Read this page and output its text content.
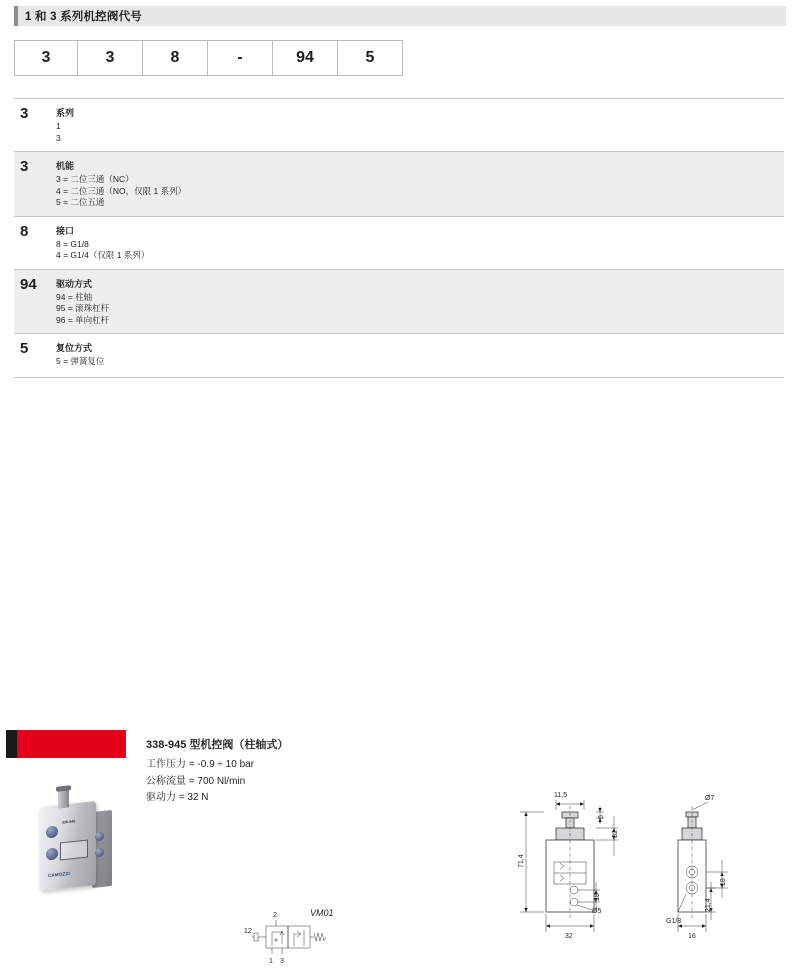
1 和 3 系列机控阀代号
3	3	8	-	94	5
3	系列
1
3
3	机能
3 = 二位三通（NC）
4 = 二位三通（NO，仅限 1 系列）
5 = 二位五通
8	接口
8 = G1/8
4 = G1/4（仅限 1 系列）
94	驱动方式
94 = 柱轴
95 = 滚珠杠杆
96 = 单向杠杆
5	复位方式
5 = 弹簧复位
338-945 型机控阀（柱轴式）
工作压力 = -0.9 ÷ 10 bar
公称流量 = 700 Nl/min
驱动力 = 32 N
338-945
CAMOZZI
VM01
2
12
1 3
11,5
6
32
18
Ø5
71,4
32
Ø7
18
21,4
G1/8
16
